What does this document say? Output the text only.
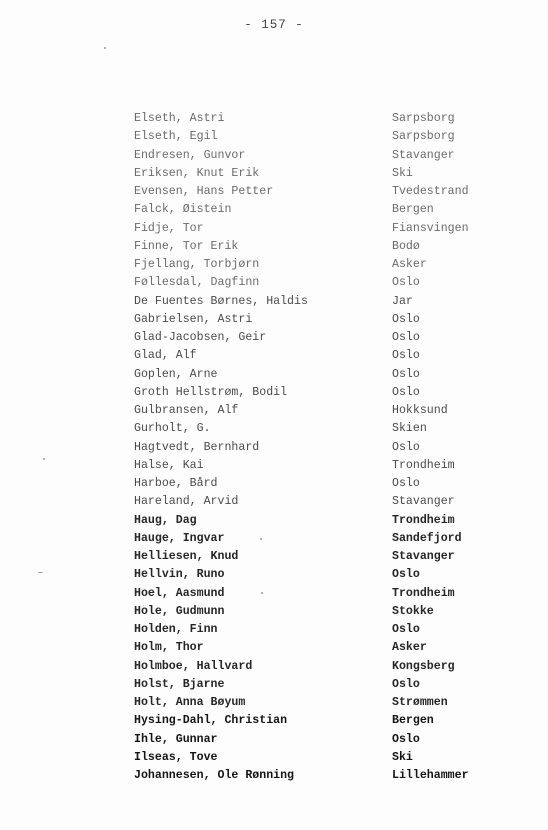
- 157 -
Elseth, Astri	Sarpsborg
Elseth, Egil	Sarpsborg
Endresen, Gunvor	Stavanger
Eriksen, Knut Erik	Ski
Evensen, Hans Petter	Tvedestrand
Falck, Øistein	Bergen
Fidje, Tor	Fiansvingen
Finne, Tor Erik	Bodø
Fjellang, Torbjørn	Asker
Føllesdal, Dagfinn	Oslo
De Fuentes Børnes, Haldis	Jar
Gabrielsen, Astri	Oslo
Glad-Jacobsen, Geir	Oslo
Glad, Alf	Oslo
Goplen, Arne	Oslo
Groth Hellstrøm, Bodil	Oslo
Gulbransen, Alf	Hokksund
Gurholt, G.	Skien
Hagtvedt, Bernhard	Oslo
Halse, Kai	Trondheim
Harboe, Bård	Oslo
Hareland, Arvid	Stavanger
Haug, Dag	Trondheim
Hauge, Ingvar	Sandefjord
Helliesen, Knud	Stavanger
Hellvin, Runo	Oslo
Hoel, Aasmund	Trondheim
Hole, Gudmunn	Stokke
Holden, Finn	Oslo
Holm, Thor	Asker
Holmboe, Hallvard	Kongsberg
Holst, Bjarne	Oslo
Holt, Anna Bøyum	Strømmen
Hysing-Dahl, Christian	Bergen
Ihle, Gunnar	Oslo
Ilseas, Tove	Ski
Johannesen, Ole Rønning	Lillehammer
